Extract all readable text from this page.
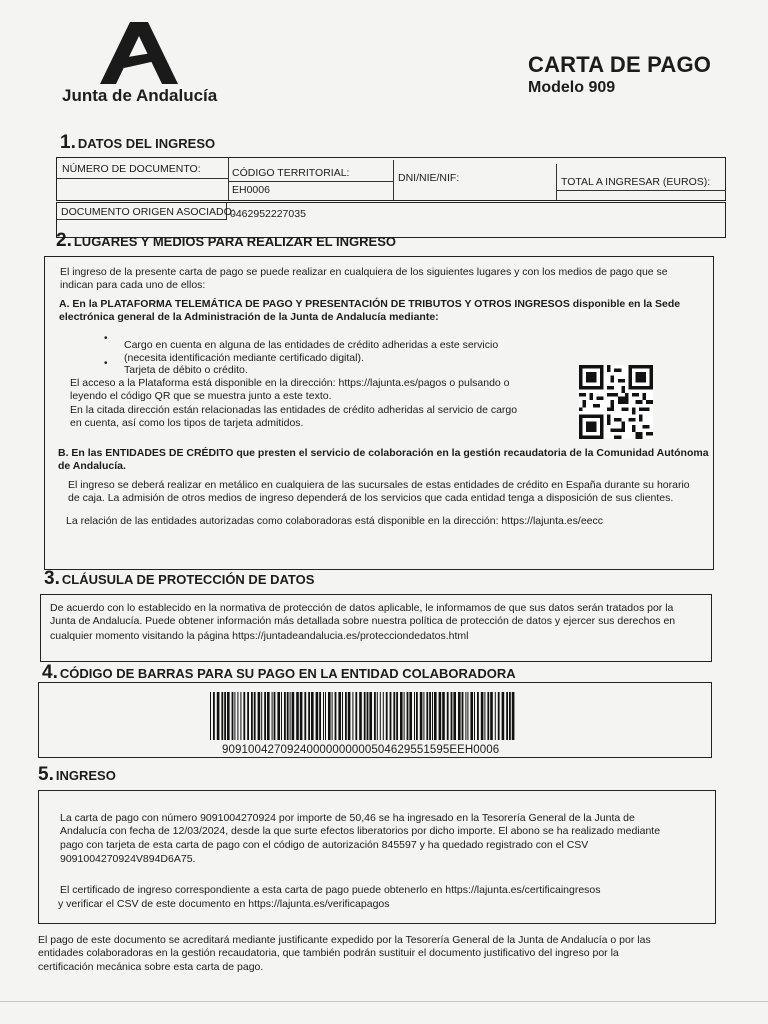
Junta de Andalucía
CARTA DE PAGO
Modelo 909
1. DATOS DEL INGRESO
NÚMERO DE DOCUMENTO:	CÓDIGO TERRITORIAL:
EH0006
DNI/NIE/NIF:	TOTAL A INGRESAR (EUROS):
DOCUMENTO ORIGEN ASOCIADO:
0462952227035
2. LUGARES Y MEDIOS PARA REALIZAR EL INGRESO
El ingreso de la presente carta de pago se puede realizar en cualquiera de los siguientes lugares y con los medios de pago que se
indican para cada uno de ellos:
A. En la PLATAFORMA TELEMÁTICA DE PAGO Y PRESENTACIÓN DE TRIBUTOS Y OTROS INGRESOS disponible en la Sede
electrónica general de la Administración de la Junta de Andalucía mediante:
•
Cargo en cuenta en alguna de las entidades de crédito adheridas a este servicio
(necesita identificación mediante certificado digital).
•
Tarjeta de débito o crédito.
El acceso a la Plataforma está disponible en la dirección: https://lajunta.es/pagos o pulsando o
leyendo el código QR que se muestra junto a este texto.
En la citada dirección están relacionadas las entidades de crédito adheridas al servicio de cargo
en cuenta, así como los tipos de tarjeta admitidos.
B. En las ENTIDADES DE CRÉDITO que presten el servicio de colaboración en la gestión recaudatoria de la Comunidad Autónoma
de Andalucía.
El ingreso se deberá realizar en metálico en cualquiera de las sucursales de estas entidades de crédito en España durante su horario
de caja. La admisión de otros medios de ingreso dependerá de los servicios que cada entidad tenga a disposición de sus clientes.
La relación de las entidades autorizadas como colaboradoras está disponible en la dirección: https://lajunta.es/eecc
3. CLÁUSULA DE PROTECCIÓN DE DATOS
De acuerdo con lo establecido en la normativa de protección de datos aplicable, le informamos de que sus datos serán tratados por la
Junta de Andalucía. Puede obtener información más detallada sobre nuestra política de protección de datos y ejercer sus derechos en
cualquier momento visitando la página https://juntadeandalucia.es/protecciondedatos.html
4. CÓDIGO DE BARRAS PARA SU PAGO EN LA ENTIDAD COLABORADORA
90910042709240000000000504629551595EEH0006
5. INGRESO
La carta de pago con número 9091004270924 por importe de 50,46 se ha ingresado en la Tesorería General de la Junta de
Andalucía con fecha de 12/03/2024, desde la que surte efectos liberatorios por dicho importe. El abono se ha realizado mediante
pago con tarjeta de esta carta de pago con el código de autorización 845597 y ha quedado registrado con el CSV
9091004270924V894D6A75.
El certificado de ingreso correspondiente a esta carta de pago puede obtenerlo en https://lajunta.es/certificaingresos
y verificar el CSV de este documento en https://lajunta.es/verificapagos
El pago de este documento se acreditará mediante justificante expedido por la Tesorería General de la Junta de Andalucía o por las
entidades colaboradoras en la gestión recaudatoria, que también podrán sustituir el documento justificativo del ingreso por la
certificación mecánica sobre esta carta de pago.
